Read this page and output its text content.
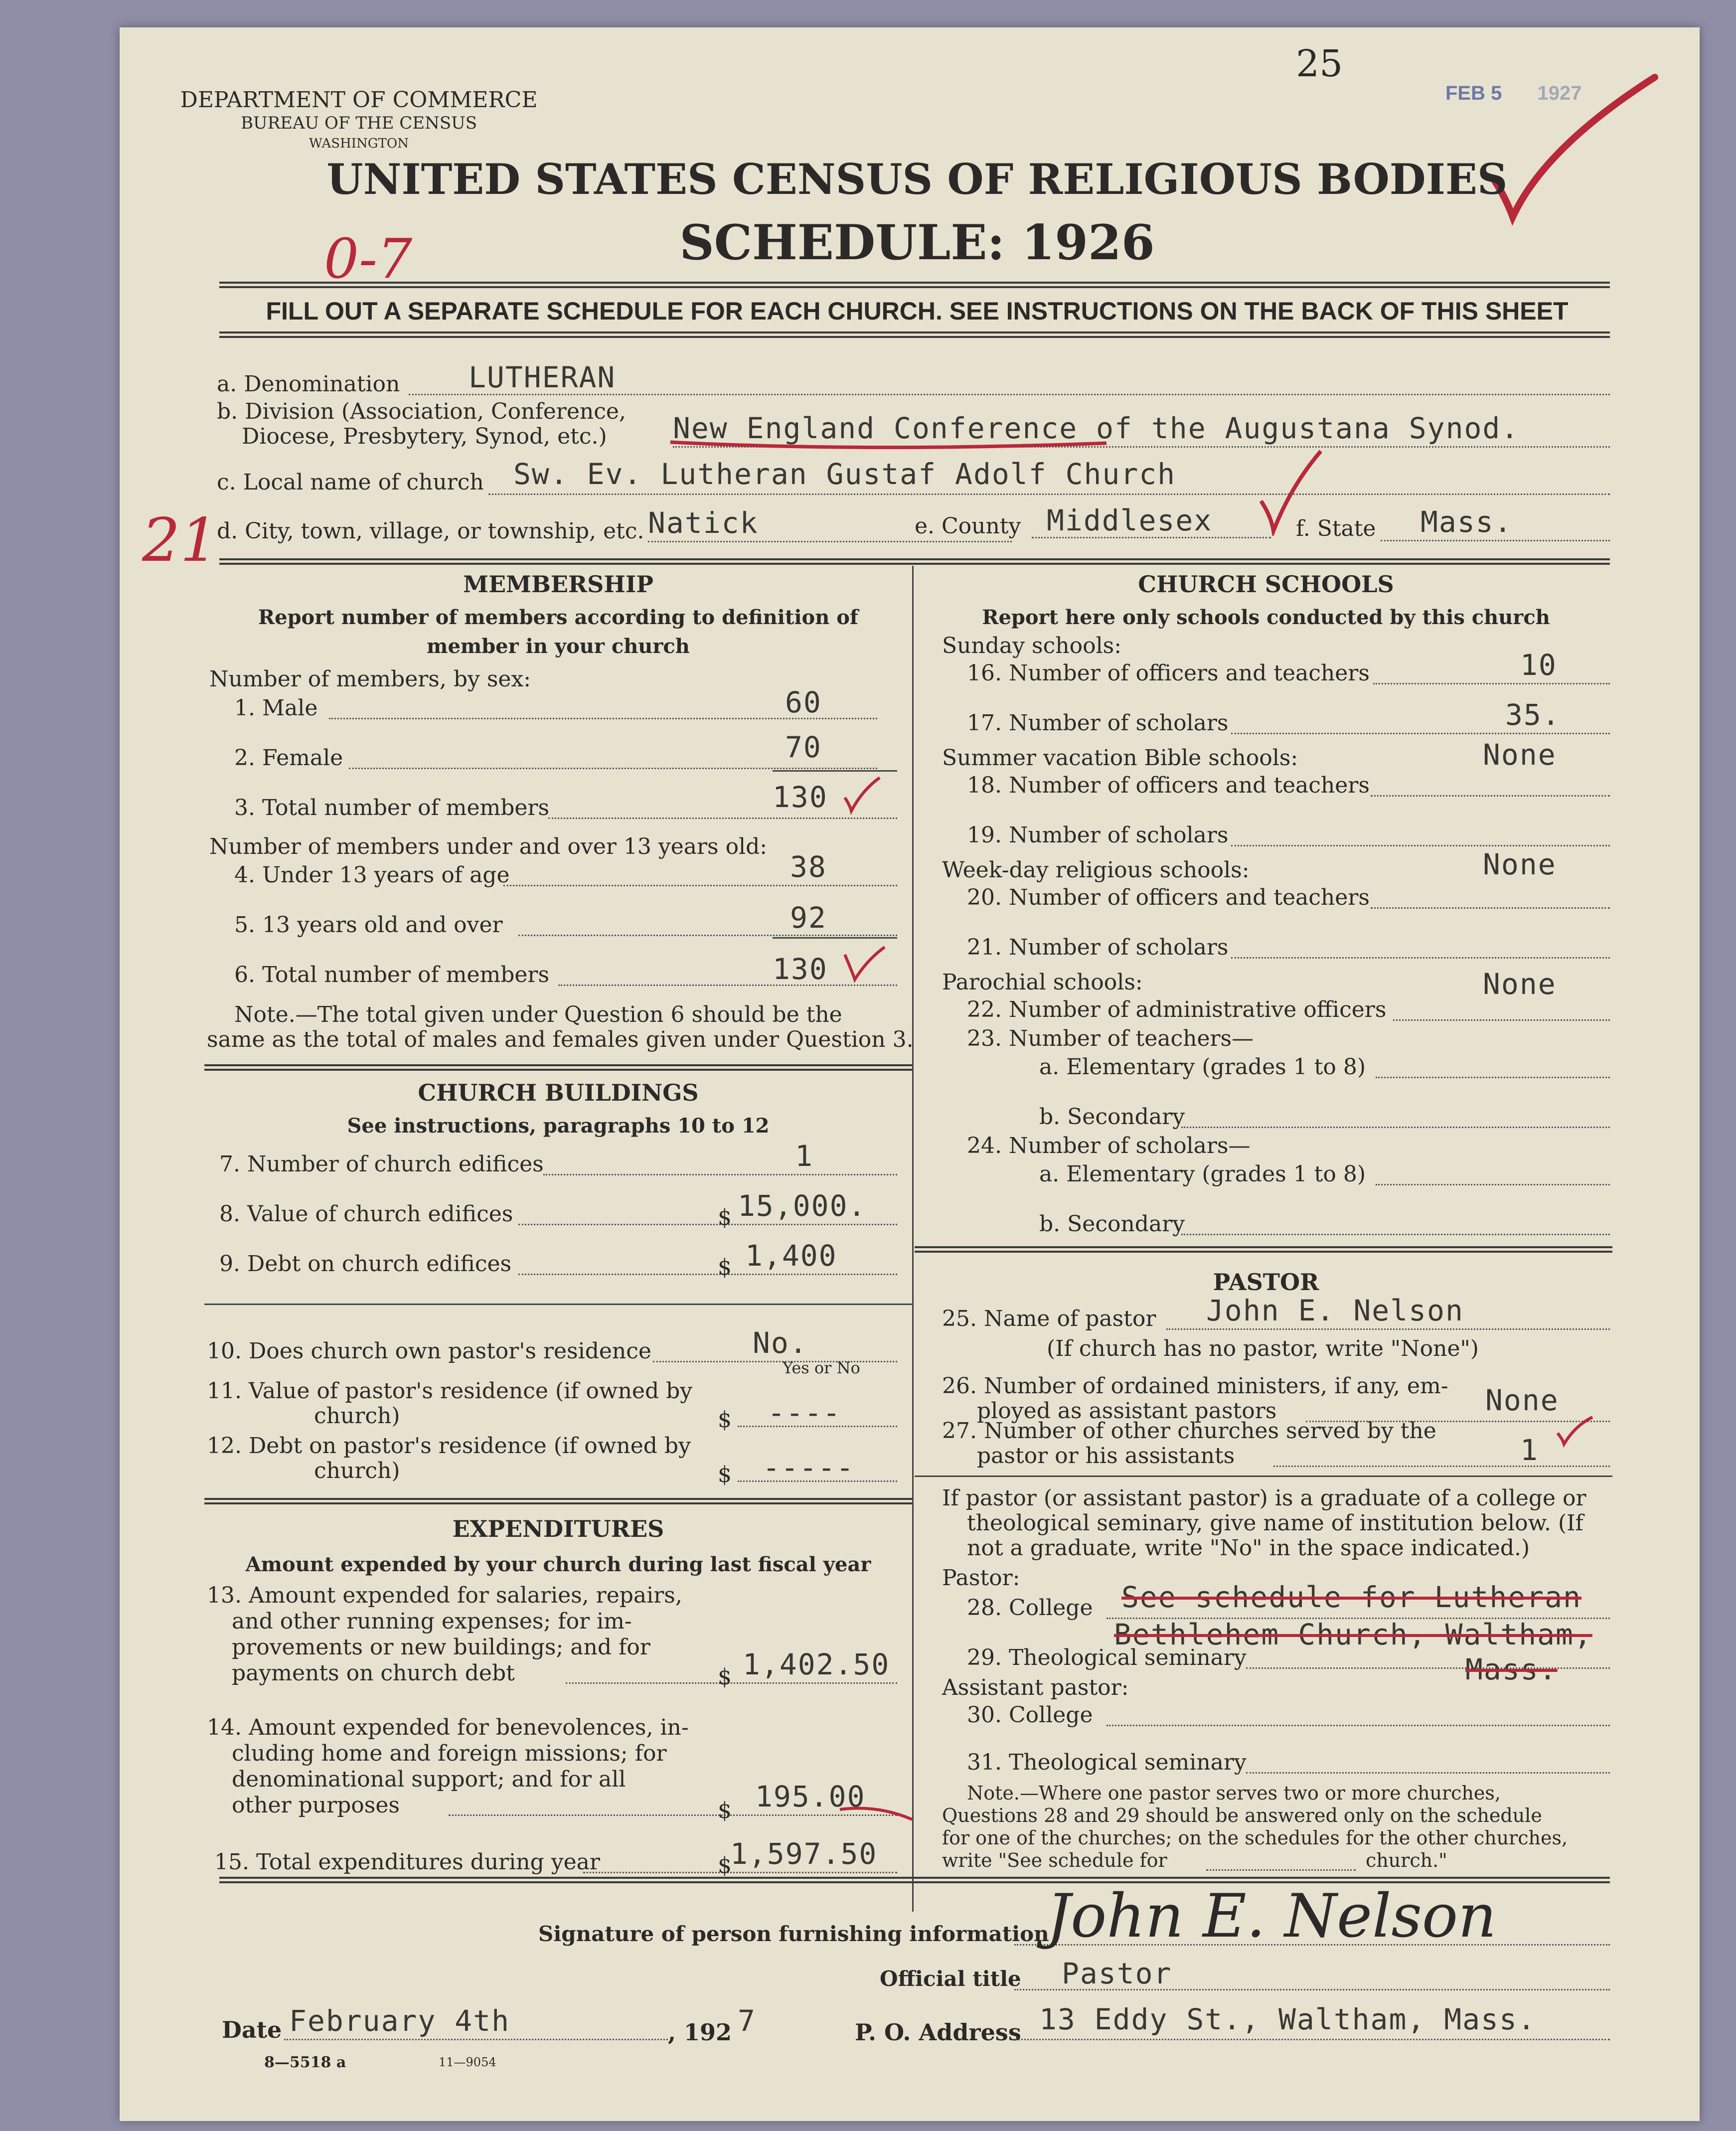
25
FEB 5 1927
DEPARTMENT OF COMMERCE
BUREAU OF THE CENSUS
WASHINGTON
UNITED STATES CENSUS OF RELIGIOUS BODIES
SCHEDULE: 1926
0-7
FILL OUT A SEPARATE SCHEDULE FOR EACH CHURCH. SEE INSTRUCTIONS ON THE BACK OF THIS SHEET
a. Denomination LUTHERAN
b. Division (Association, Conference,
Diocese, Presbytery, Synod, etc.) New England Conference of the Augustana Synod.
c. Local name of church Sw. Ev. Lutheran Gustaf Adolf Church
21
d. City, town, village, or township, etc. Natick	e. County Middlesex	f. State Mass.
MEMBERSHIP
Report number of members according to definition of
member in your church
Number of members, by sex:
1. Male	60
2. Female	70
3. Total number of members	130
Number of members under and over 13 years old:
4. Under 13 years of age	38
5. 13 years old and over	92
6. Total number of members	130
Note.—The total given under Question 6 should be the
same as the total of males and females given under Question 3.
CHURCH BUILDINGS
See instructions, paragraphs 10 to 12
7. Number of church edifices	1
8. Value of church edifices	$ 15,000.
9. Debt on church edifices	$ 1,400
10. Does church own pastor's residence	No.
Yes or No
11. Value of pastor's residence (if owned by
church)	$ ----
12. Debt on pastor's residence (if owned by
church)	$ -----
EXPENDITURES
Amount expended by your church during last fiscal year
13. Amount expended for salaries, repairs,
and other running expenses; for im-
provements or new buildings; and for
payments on church debt	$ 1,402.50
14. Amount expended for benevolences, in-
cluding home and foreign missions; for
denominational support; and for all
other purposes	$ 195.00
15. Total expenditures during year	$
1,597.50
CHURCH SCHOOLS
Report here only schools conducted by this church
Sunday schools:
16. Number of officers and teachers	10
17. Number of scholars	35.
Summer vacation Bible schools:	None
18. Number of officers and teachers
19. Number of scholars
Week-day religious schools:	None
20. Number of officers and teachers
21. Number of scholars
Parochial schools:	None
22. Number of administrative officers
23. Number of teachers—
a. Elementary (grades 1 to 8)
b. Secondary
24. Number of scholars—
a. Elementary (grades 1 to 8)
b. Secondary
PASTOR
25. Name of pastor John E. Nelson
(If church has no pastor, write "None")
26. Number of ordained ministers, if any, em-
ployed as assistant pastors	None
27. Number of other churches served by the
pastor or his assistants	1
If pastor (or assistant pastor) is a graduate of a college or
theological seminary, give name of institution below. (If
not a graduate, write "No" in the space indicated.)
Pastor:
28. College See schedule for Lutheran
Bethlehem Church, Waltham,
29. Theological seminary	Mass.
Assistant pastor:
30. College
31. Theological seminary
Note.—Where one pastor serves two or more churches,
Questions 28 and 29 should be answered only on the schedule
for one of the churches; on the schedules for the other churches,
write "See schedule for	church."
Signature of person furnishing information
John E. Nelson
Official title Pastor
Date February 4th	, 192 7	P. O. Address 13 Eddy St., Waltham, Mass.
8—5518 a	11—9054
